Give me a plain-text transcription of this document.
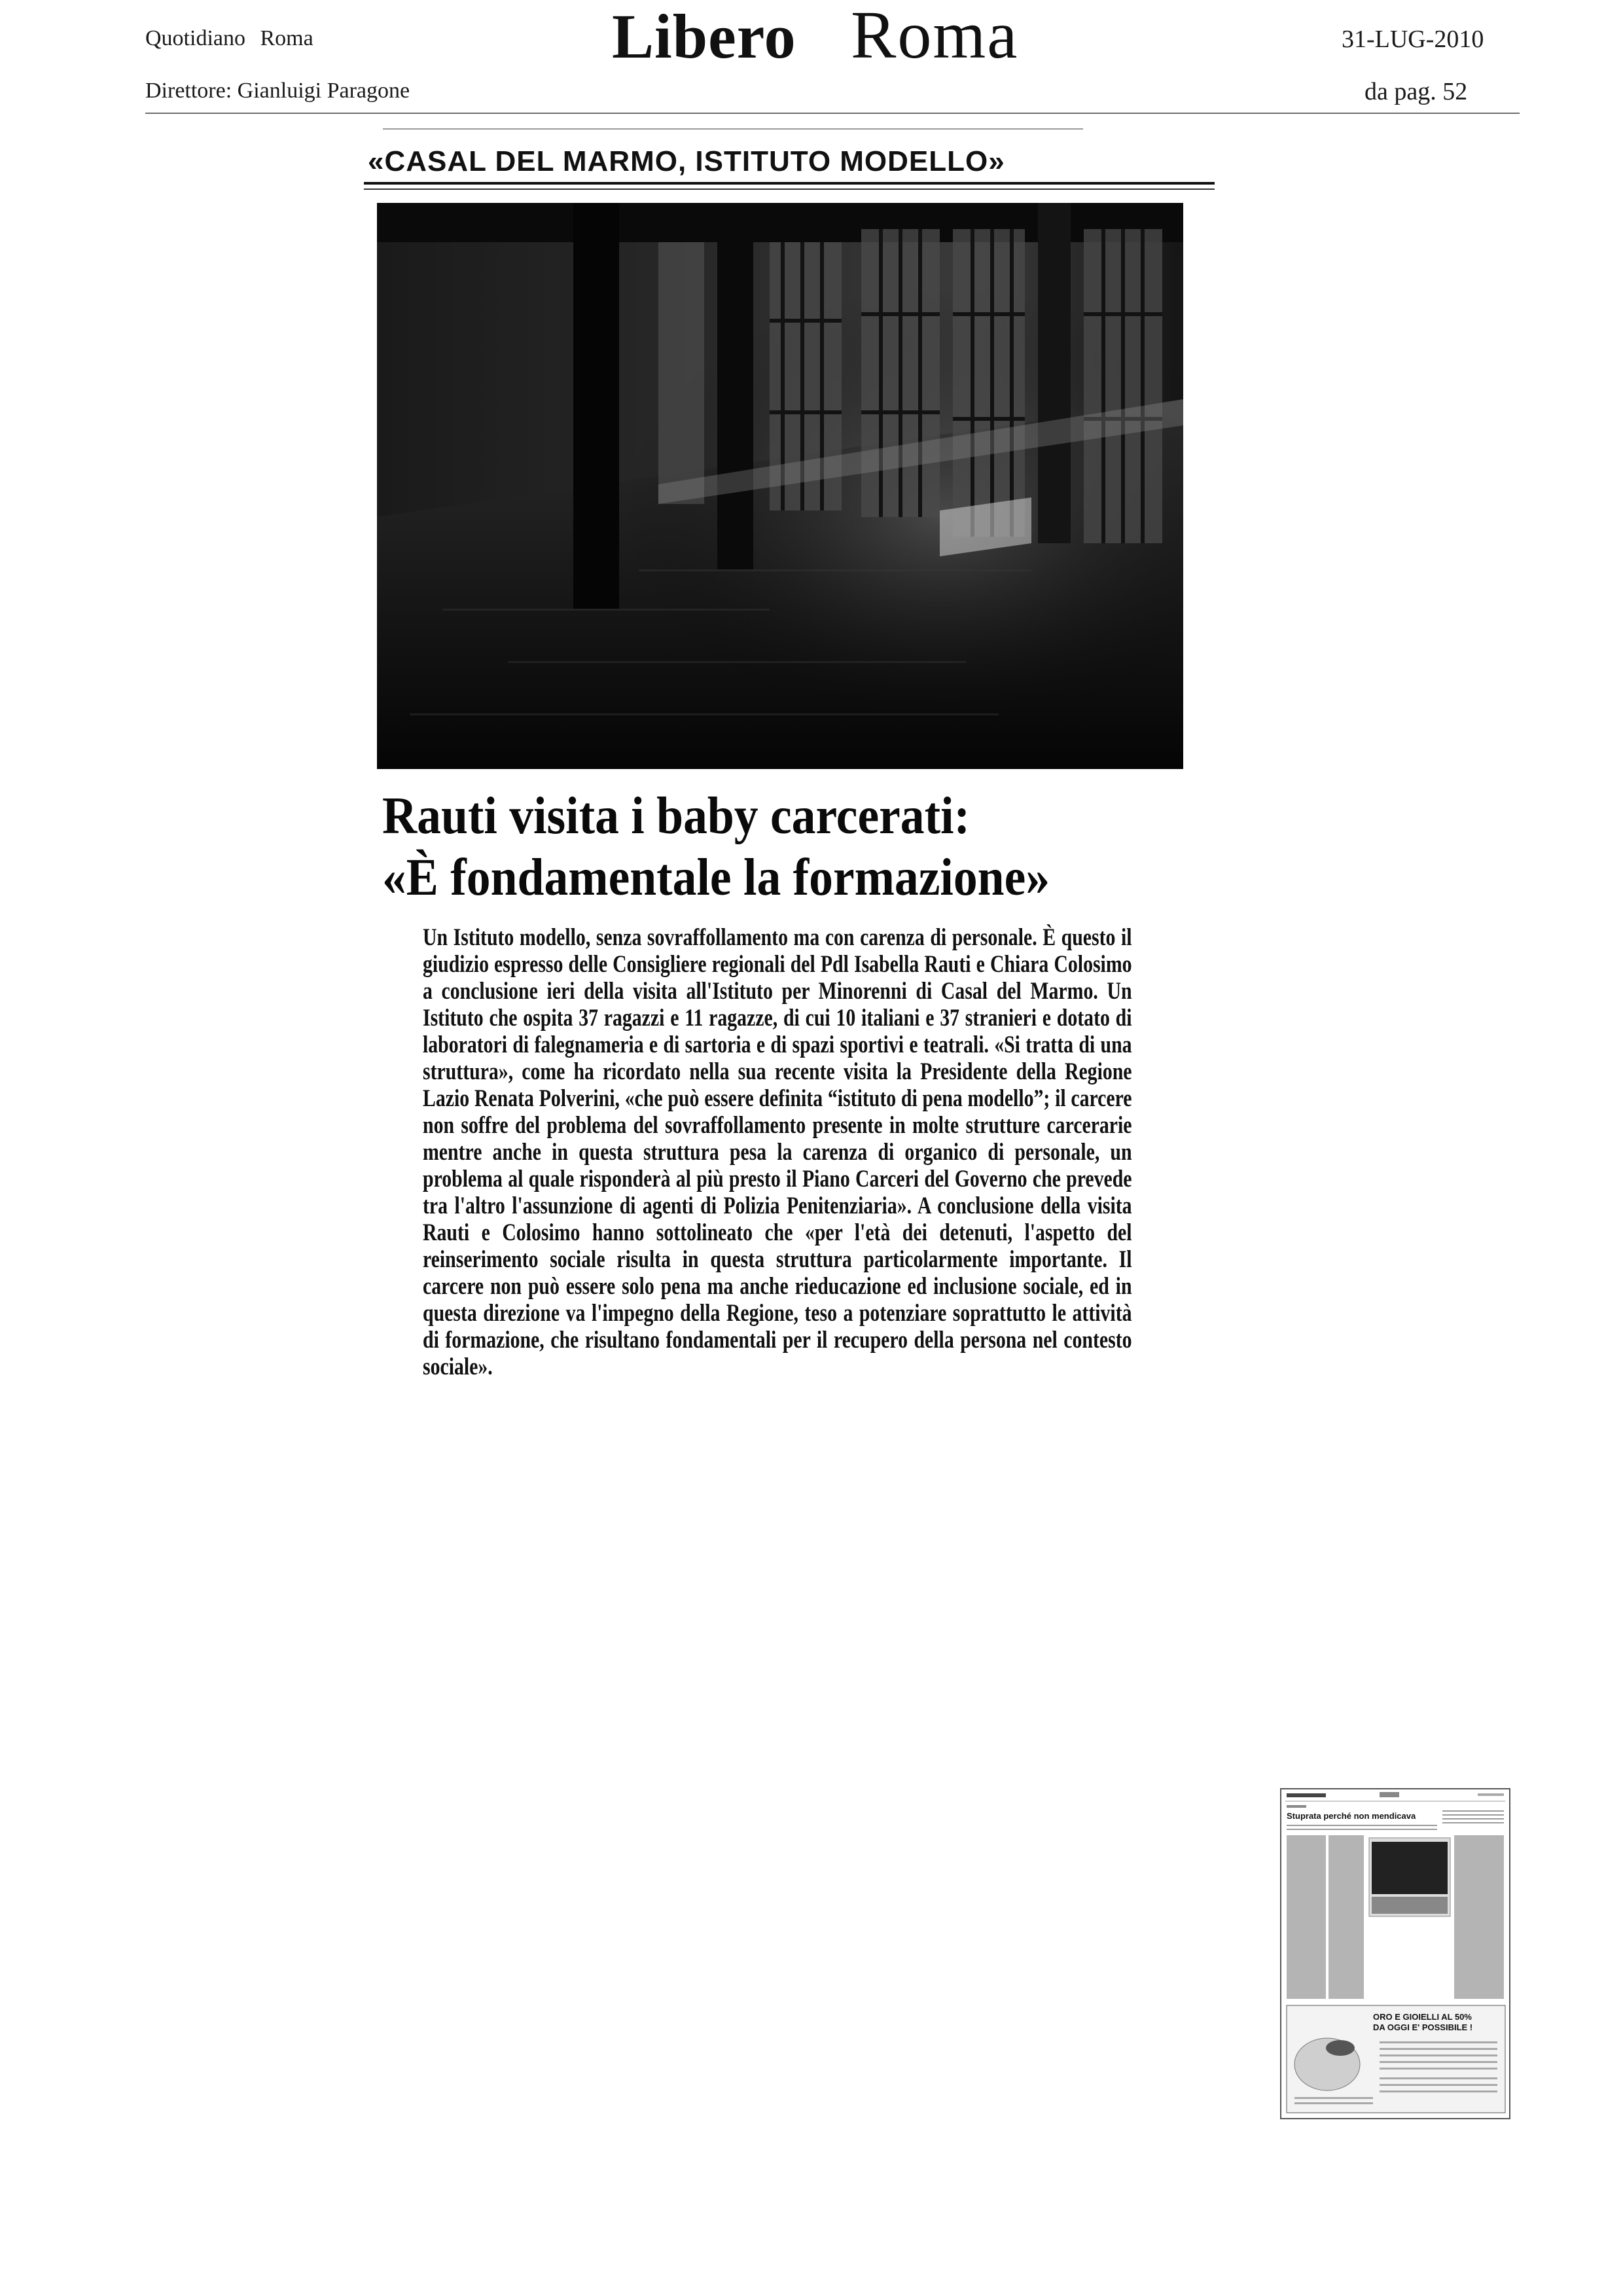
Quotidiano Roma
Direttore: Gianluigi Paragone
Libero Roma	31-LUG-2010
da pag. 52
«CASAL DEL MARMO, ISTITUTO MODELLO»
Rauti visita i baby carcerati:
«È fondamentale la formazione»

Un Istituto modello, senza sovraffollamento ma con carenza di personale. È questo il giudizio espresso delle Consigliere regionali del Pdl Isabella Rauti e Chiara Colosimo a conclusione ieri della visita all'Istituto per Minorenni di Casal del Marmo. Un Istituto che ospita 37 ragazzi e 11 ragazze, di cui 10 italiani e 37 stranieri e dotato di laboratori di falegnameria e di sartoria e di spazi sportivi e teatrali. «Si tratta di una struttura», come ha ricordato nella sua recente visita la Presidente della Regione Lazio Renata Polverini, «che può essere definita “istituto di pena modello”; il carcere non soffre del problema del sovraffollamento presente in molte strutture carcerarie mentre anche in questa struttura pesa la carenza di organico di personale, un problema al quale risponderà al più presto il Piano Carceri del Governo che prevede tra l'altro l'assunzione di agenti di Polizia Penitenziaria». A conclusione della visita Rauti e Colosimo hanno sottolineato che «per l'età dei detenuti, l'aspetto del reinserimento sociale risulta in questa struttura particolarmente importante. Il carcere non può essere solo pena ma anche rieducazione ed inclusione sociale, ed in questa direzione va l'impegno della Regione, teso a potenziare soprattutto le attività di formazione, che risultano fondamentali per il recupero della persona nel contesto sociale».

Stuprata perché non mendicava
ORO E GIOIELLI AL 50%
DA OGGI E' POSSIBILE !
